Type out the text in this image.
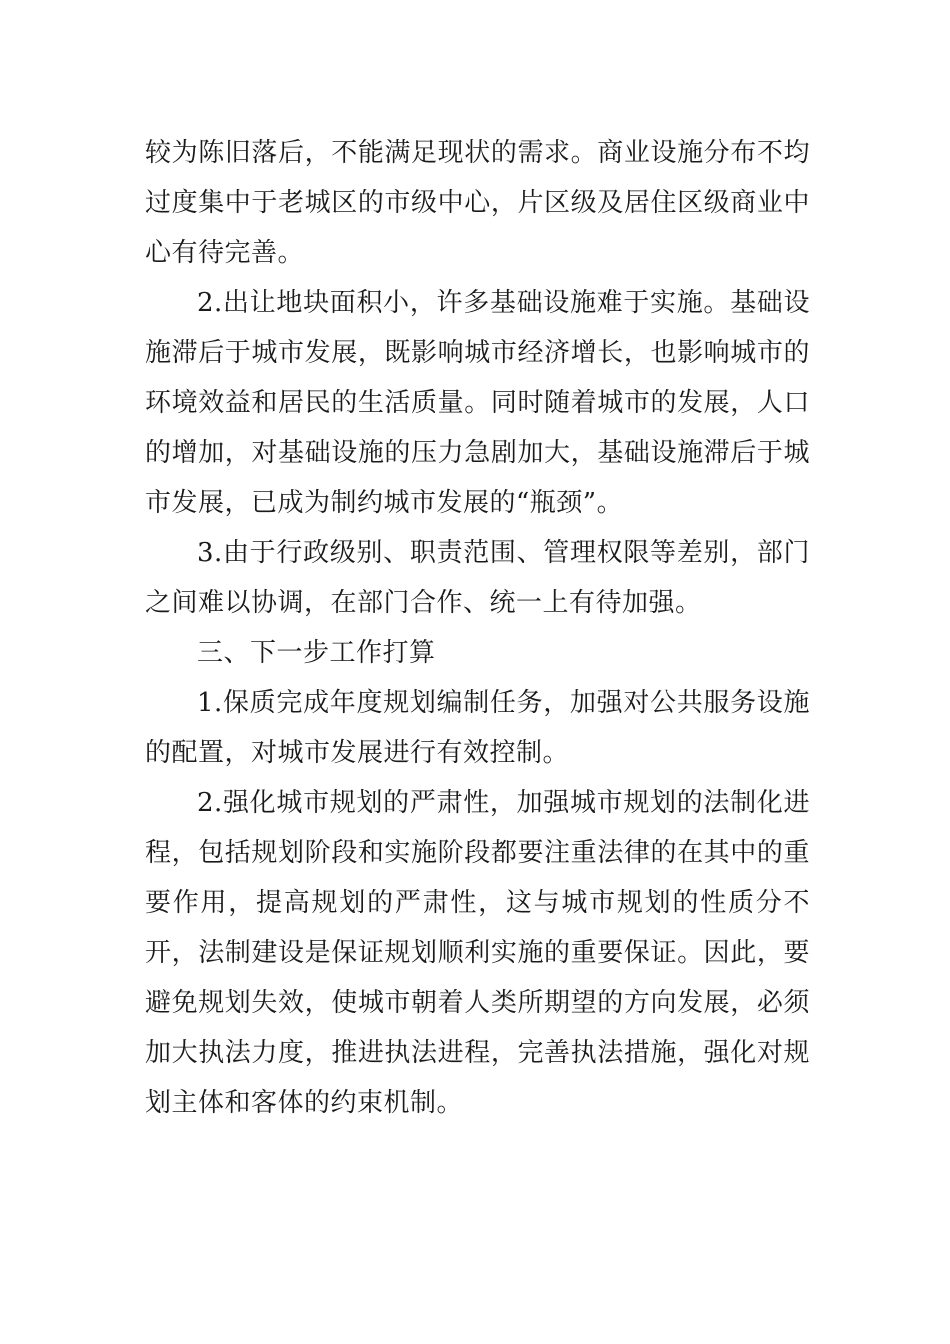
较为陈旧落后，不能满足现状的需求。商业设施分布不均过度集中于老城区的市级中心，片区级及居住区级商业中心有待完善。

2.出让地块面积小，许多基础设施难于实施。基础设施滞后于城市发展，既影响城市经济增长，也影响城市的环境效益和居民的生活质量。同时随着城市的发展，人口的增加，对基础设施的压力急剧加大，基础设施滞后于城市发展，已成为制约城市发展的“瓶颈”。

3.由于行政级别、职责范围、管理权限等差别，部门之间难以协调，在部门合作、统一上有待加强。

三、下一步工作打算

1.保质完成年度规划编制任务，加强对公共服务设施的配置，对城市发展进行有效控制。

2.强化城市规划的严肃性，加强城市规划的法制化进程，包括规划阶段和实施阶段都要注重法律的在其中的重要作用，提高规划的严肃性，这与城市规划的性质分不开，法制建设是保证规划顺利实施的重要保证。因此，要避免规划失效，使城市朝着人类所期望的方向发展，必须加大执法力度，推进执法进程，完善执法措施，强化对规划主体和客体的约束机制。
